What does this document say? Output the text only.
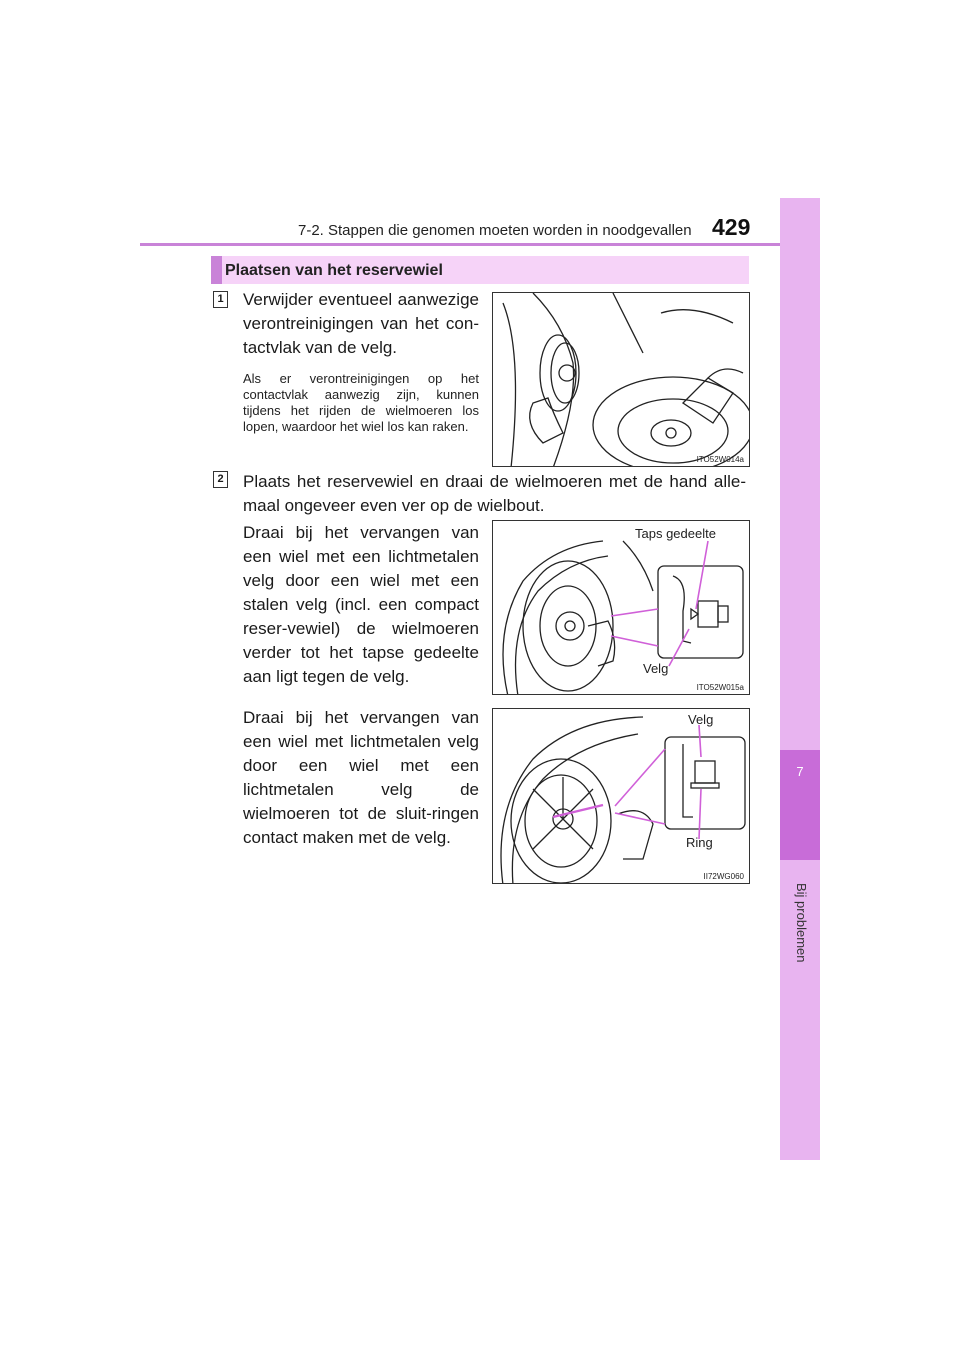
7-2. Stappen die genomen moeten worden in noodgevallen 429
7
Bij problemen
Plaatsen van het reservewiel
1 Verwijder eventueel aanwezige verontreinigingen van het con-tactvlak van de velg.
Als er verontreinigingen op het contactvlak aanwezig zijn, kunnen tijdens het rijden de wielmoeren los lopen, waardoor het wiel los kan raken.
ITO52W014a
2 Plaats het reservewiel en draai de wielmoeren met de hand alle-maal ongeveer even ver op de wielbout.
Draai bij het vervangen van een wiel met een lichtmetalen velg door een wiel met een stalen velg (incl. een compact reser-vewiel) de wielmoeren verder tot het tapse gedeelte aan ligt tegen de velg.
Taps gedeelte
Velg
ITO52W015a
Draai bij het vervangen van een wiel met lichtmetalen velg door een wiel met een lichtmetalen velg de wielmoeren tot de sluit-ringen contact maken met de velg.
Velg
Ring
II72WG060
